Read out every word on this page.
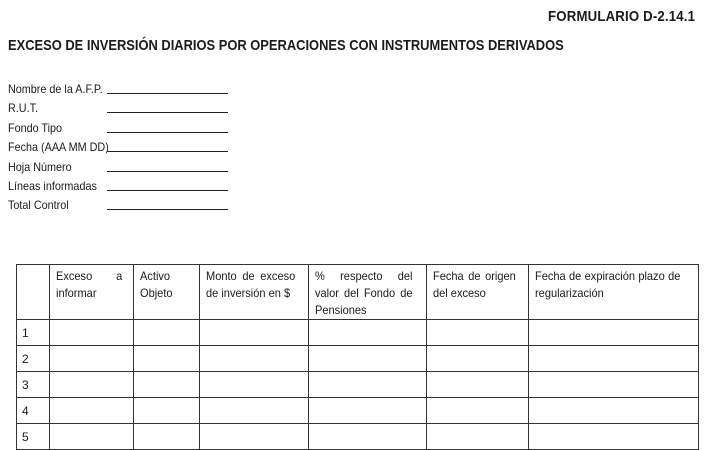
FORMULARIO D-2.14.1
EXCESO DE INVERSIÓN DIARIOS POR OPERACIONES CON INSTRUMENTOS DERIVADOS
Nombre de la A.F.P.
R.U.T.
Fondo Tipo
Fecha (AAA MM DD)
Hoja Número
Líneas informadas
Total Control

	Exceso a informar	Activo Objeto	Monto de exceso de inversión en $	% respecto del valor del Fondo de Pensiones	Fecha de origen del exceso	Fecha de expiración plazo de regularización

1						
2						
3						
4						
5						
